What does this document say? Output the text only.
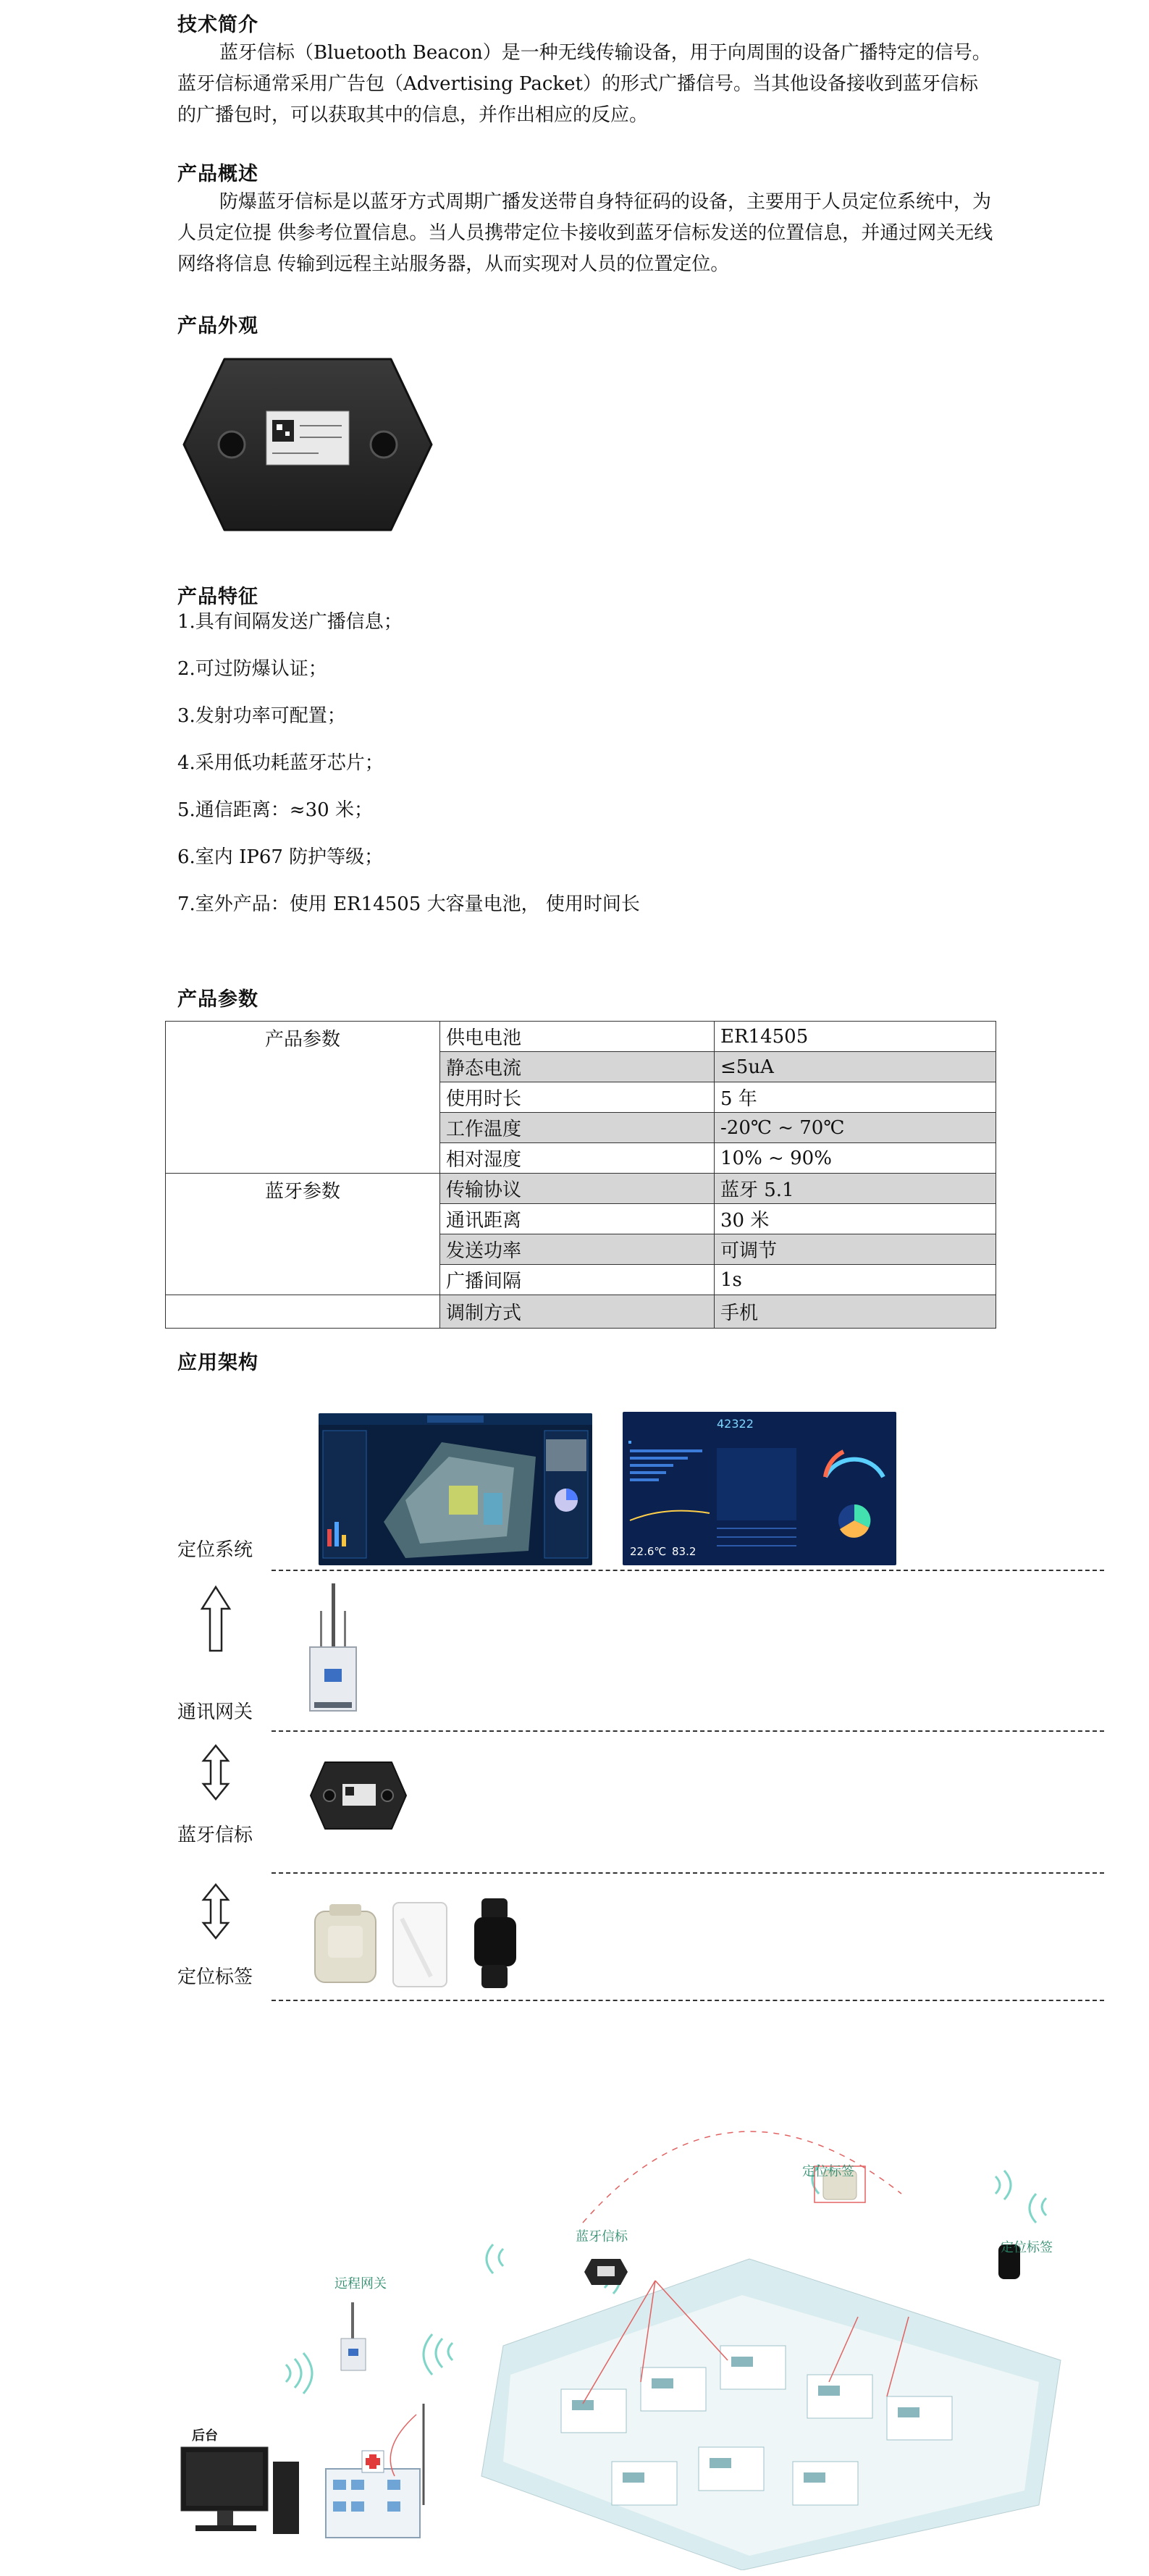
技术简介

蓝牙信标（Bluetooth Beacon）是一种无线传输设备，用于向周围的设备广播特定的信号。蓝牙信标通常采用广告包（Advertising Packet）的形式广播信号。当其他设备接收到蓝牙信标的广播包时，可以获取其中的信息，并作出相应的反应。

产品概述

防爆蓝牙信标是以蓝牙方式周期广播发送带自身特征码的设备，主要用于人员定位系统中，为人员定位提 供参考位置信息。当人员携带定位卡接收到蓝牙信标发送的位置信息，并通过网关无线网络将信息 传输到远程主站服务器，从而实现对人员的位置定位。

产品外观
产品特征
1.具有间隔发送广播信息；
2.可过防爆认证；
3.发射功率可配置；
4.采用低功耗蓝牙芯片；
5.通信距离：≈30 米；
6.室内 IP67 防护等级；
7.室外产品：使用 ER14505 大容量电池， 使用时间长
产品参数
产品参数	供电电池	ER14505
	静态电流	≤5uA
	使用时长	5 年
	工作温度	-20℃ ~ 70℃
	相对湿度	10% ~ 90%
蓝牙参数	传输协议	蓝牙 5.1
	通讯距离	30 米
	发送功率	可调节
	广播间隔	1s
	调制方式	手机
应用架构
42322
22.6℃ 83.2
定位系统
通讯网关
蓝牙信标
定位标签
定位标签
定位标签
蓝牙信标
远程网关
后台
